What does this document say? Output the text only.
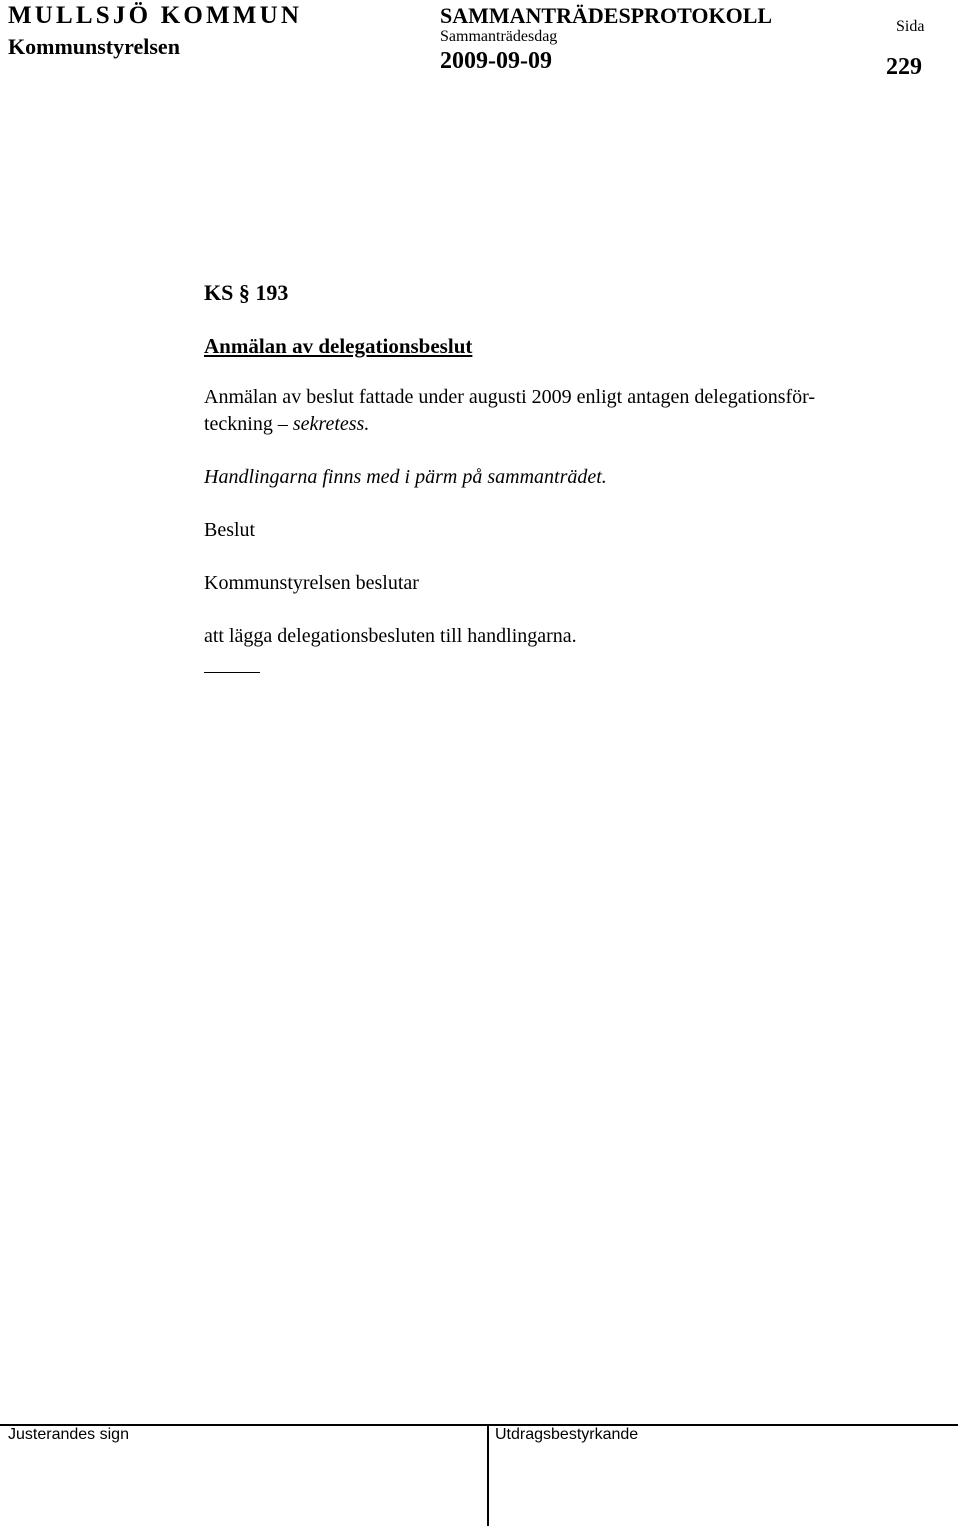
MULLSJÖ KOMMUN
Kommunstyrelsen
SAMMANTRÄDESPROTOKOLL
Sammanträdesdag
2009-09-09
Sida
229
KS § 193
Anmälan av delegationsbeslut
Anmälan av beslut fattade under augusti 2009 enligt antagen delegationsför-
teckning – sekretess.
Handlingarna finns med i pärm på sammanträdet.
Beslut
Kommunstyrelsen beslutar
att lägga delegationsbesluten till handlingarna.
Justerandes sign	Utdragsbestyrkande
